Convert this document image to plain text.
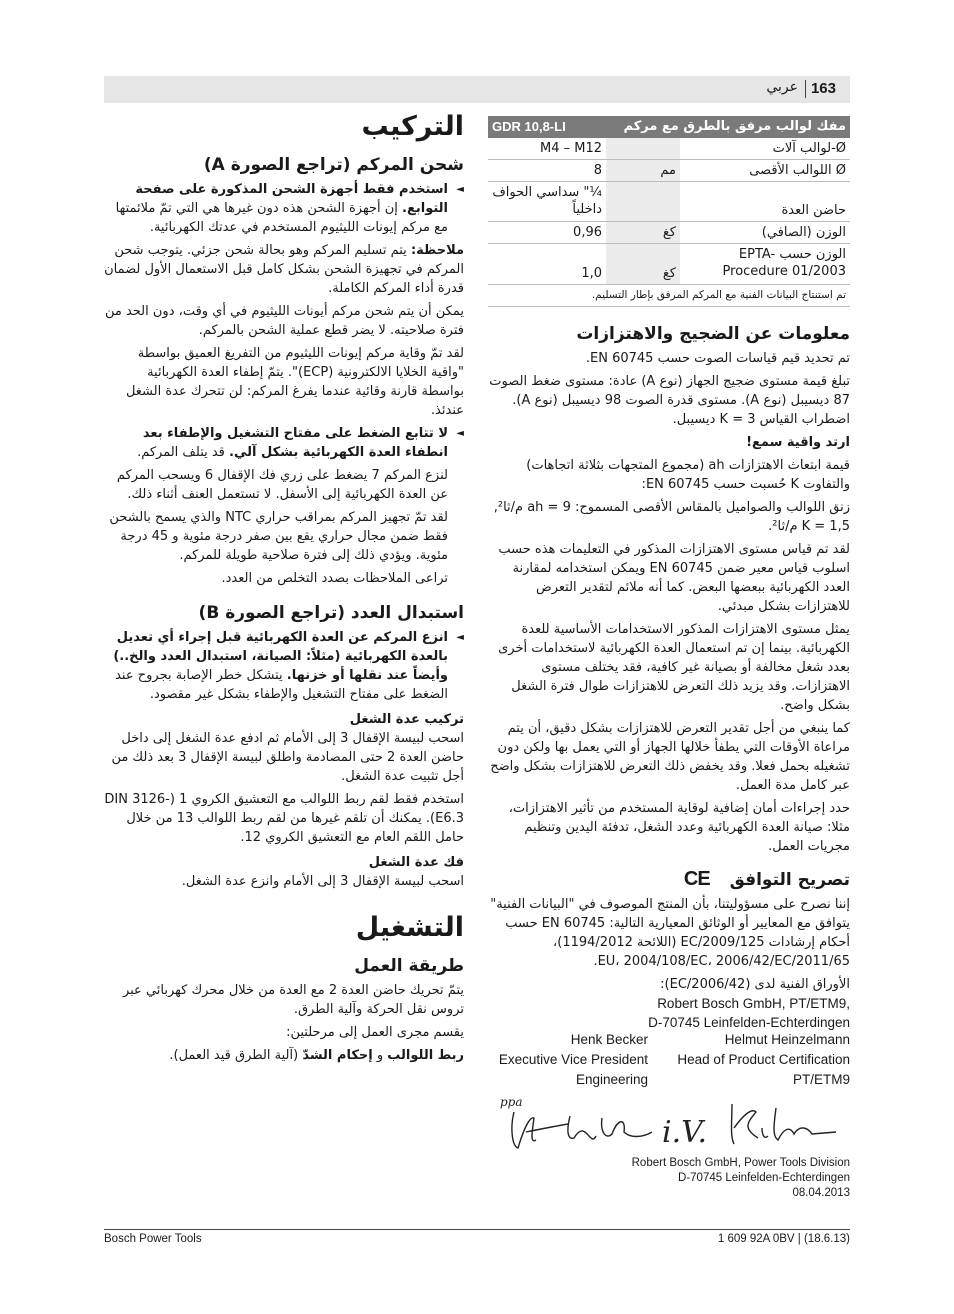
163
عربي
التركيب
شحن المركم (تراجع الصورة A)
◄ استخدم فقط أجهزة الشحن المذكورة على صفحة التوابع. إن أجهزة الشحن هذه دون غيرها هي التي تمّ ملائمتها مع مركم إيونات الليثيوم المستخدم في عدتك الكهربائية.
ملاحظة: يتم تسليم المركم وهو بحالة شحن جزئي. يتوجب شحن المركم في تجهيزة الشحن بشكل كامل قبل الاستعمال الأول لضمان قدرة أداء المركم الكاملة.
يمكن أن يتم شحن مركم أيونات الليثيوم في أي وقت، دون الحد من فترة صلاحيته. لا يضر قطع عملية الشحن بالمركم.
لقد تمّ وقاية مركم إيونات الليثيوم من التفريغ العميق بواسطة "واقية الخلايا الالكترونية (ECP)". يتمّ إطفاء العدة الكهربائية بواسطة قارنة وقائية عندما يفرغ المركم: لن تتحرك عدة الشغل عندئذ.
◄ لا تتابع الضغط على مفتاح التشغيل والإطفاء بعد انطفاء العدة الكهربائية بشكل آلي. قد يتلف المركم.
لنزع المركم 7 يضغط على زري فك الإقفال 6 ويسحب المركم عن العدة الكهربائية إلى الأسفل. لا تستعمل العنف أثناء ذلك.
لقد تمّ تجهيز المركم بمراقب حراري NTC والذي يسمح بالشحن فقط ضمن مجال حراري يقع بين صفر درجة مئوية و 45 درجة مئوية. ويؤدي ذلك إلى فترة صلاحية طويلة للمركم.
تراعى الملاحظات بصدد التخلص من العدد.
استبدال العدد (تراجع الصورة B)
◄ انزع المركم عن العدة الكهربائية قبل إجراء أي تعديل بالعدة الكهربائية (مثلاً: الصيانة، استبدال العدد والخ..) وأيضاً عند نقلها أو خزنها. يتشكل خطر الإصابة بجروح عند الضغط على مفتاح التشغيل والإطفاء بشكل غير مقصود.
تركيب عدة الشغل
اسحب لبيسة الإقفال 3 إلى الأمام ثم ادفع عدة الشغل إلى داخل حاضن العدة 2 حتى المصادمة واطلق لبيسة الإقفال 3 بعد ذلك من أجل تثبيت عدة الشغل.
استخدم فقط لقم ربط اللوالب مع التعشيق الكروي 1 (DIN 3126-E6.3). يمكنك أن تلقم غيرها من لقم ربط اللوالب 13 من خلال حامل اللقم العام مع التعشيق الكروي 12.
فك عدة الشغل
اسحب لبيسة الإقفال 3 إلى الأمام وانزع عدة الشغل.
التشغيل
طريقة العمل
يتمّ تحريك حاضن العدة 2 مع العدة من خلال محرك كهربائي عبر تروس نقل الحركة وآلية الطرق.
يقسم مجرى العمل إلى مرحلتين:
ربط اللوالب و إحكام الشدّ (آلية الطرق قيد العمل).
مفك لوالب مرفق بالطرق مع مركم		GDR 10,8-LI
Ø-لوالب آلات		M4 – M12
Ø اللوالب الأقصى	مم	8
حاضن العدة		¼" سداسي الحواف داخلياً
الوزن (الصافي)	كغ	0,96
الوزن حسب EPTA-Procedure 01/2003	كغ	1,0
تم استنتاج البيانات الفنية مع المركم المرفق بإطار التسليم.
معلومات عن الضجيج والاهتزازات
تم تحديد قيم قياسات الصوت حسب EN 60745.
تبلغ قيمة مستوى ضجيج الجهاز (نوع A) عادة: مستوى ضغط الصوت 87 ديسيبل (نوع A). مستوى قدرة الصوت 98 ديسيبل (نوع A). اضطراب القياس K = 3 ديسيبل.
ارتد واقية سمع!
قيمة ابتعاث الاهتزازات ah (مجموع المتجهات بثلاثة اتجاهات) والتفاوت K حُسبت حسب EN 60745:
زنق اللوالب والصواميل بالمقاس الأقصى المسموح: ah = 9 م/ثا², K = 1,5 م/ثا².
لقد تم قياس مستوى الاهتزازات المذكور في التعليمات هذه حسب اسلوب قياس معير ضمن EN 60745 ويمكن استخدامه لمقارنة العدد الكهربائية ببعضها البعض. كما أنه ملائم لتقدير التعرض للاهتزازات بشكل مبدئي.
يمثل مستوى الاهتزازات المذكور الاستخدامات الأساسية للعدة الكهربائية. بينما إن تم استعمال العدة الكهربائية لاستخدامات أخرى بعدد شغل مخالفة أو بصيانة غير كافية، فقد يختلف مستوى الاهتزازات. وقد يزيد ذلك التعرض للاهتزازات طوال فترة الشغل بشكل واضح.
كما ينبغي من أجل تقدير التعرض للاهتزازات بشكل دقيق، أن يتم مراعاة الأوقات التي يطفأ خلالها الجهاز أو التي يعمل بها ولكن دون تشغيله بحمل فعلا. وقد يخفض ذلك التعرض للاهتزازات بشكل واضح عبر كامل مدة العمل.
حدد إجراءات أمان إضافية لوقاية المستخدم من تأثير الاهتزازات، مثلا: صيانة العدة الكهربائية وعدد الشغل، تدفئة اليدين وتنظيم مجريات العمل.
تصريح التوافق CE
إننا نصرح على مسؤوليتنا، بأن المنتج الموصوف في "البيانات الفنية" يتوافق مع المعايير أو الوثائق المعيارية التالية: EN 60745 حسب أحكام إرشادات 2009/125/EC (اللائحة 1194/2012)، 2011/65/EU، 2004/108/EC، 2006/42/EC.
الأوراق الفنية لدى (2006/42/EC):
Robert Bosch GmbH, PT/ETM9,
D-70745 Leinfelden-Echterdingen
Helmut Heinzelmann
Head of Product Certification
PT/ETM9
Henk Becker
Executive Vice President
Engineering
ppa
i.V.
Robert Bosch GmbH, Power Tools Division
D-70745 Leinfelden-Echterdingen
08.04.2013
Bosch Power Tools	1 609 92A 0BV | (18.6.13)
